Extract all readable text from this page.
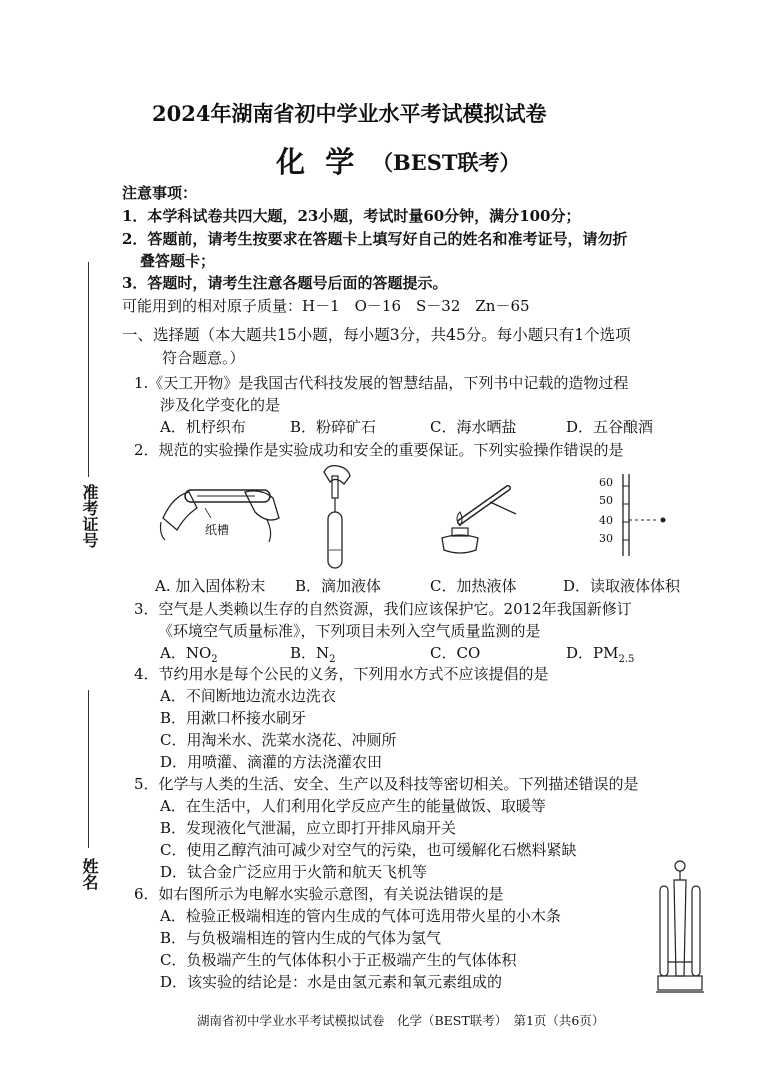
2024年湖南省初中学业水平考试模拟试卷
化  学 （BEST联考）
注意事项：
1．本学科试卷共四大题，23小题，考试时量60分钟，满分100分；
2．答题前，请考生按要求在答题卡上填写好自己的姓名和准考证号，请勿折
叠答题卡；
3．答题时，请考生注意各题号后面的答题提示。
可能用到的相对原子质量：H－1　O－16　S－32　Zn－65
一、选择题（本大题共15小题，每小题3分，共45分。每小题只有1个选项
符合题意。）
1.《天工开物》是我国古代科技发展的智慧结晶，下列书中记载的造物过程
涉及化学变化的是
A．机杼织布	B．粉碎矿石	C．海水晒盐	D．五谷酿酒
2．规范的实验操作是实验成功和安全的重要保证。下列实验操作错误的是
纸槽
60
50
40
30
A. 加入固体粉末 B．滴加液体	C．加热液体	D．读取液体体积
3．空气是人类赖以生存的自然资源，我们应该保护它。2012年我国新修订
《环境空气质量标准》，下列项目未列入空气质量监测的是
A．$NO_2$	B．$N_2$	C．CO	D．$PM_{2.5}$
4．节约用水是每个公民的义务，下列用水方式不应该提倡的是
A．不间断地边流水边洗衣
B．用漱口杯接水刷牙
C．用淘米水、洗菜水浇花、冲厕所
D．用喷灌、滴灌的方法浇灌农田
5．化学与人类的生活、安全、生产以及科技等密切相关。下列描述错误的是
A．在生活中，人们利用化学反应产生的能量做饭、取暖等
B．发现液化气泄漏，应立即打开排风扇开关
C．使用乙醇汽油可减少对空气的污染，也可缓解化石燃料紧缺
D．钛合金广泛应用于火箭和航天飞机等
6．如右图所示为电解水实验示意图，有关说法错误的是
A．检验正极端相连的管内生成的气体可选用带火星的小木条
B．与负极端相连的管内生成的气体为氢气
C．负极端产生的气体体积小于正极端产生的气体体积
D．该实验的结论是：水是由氢元素和氧元素组成的
准考证号
姓名
湖南省初中学业水平考试模拟试卷　化学（BEST联考）　第1页（共6页）
